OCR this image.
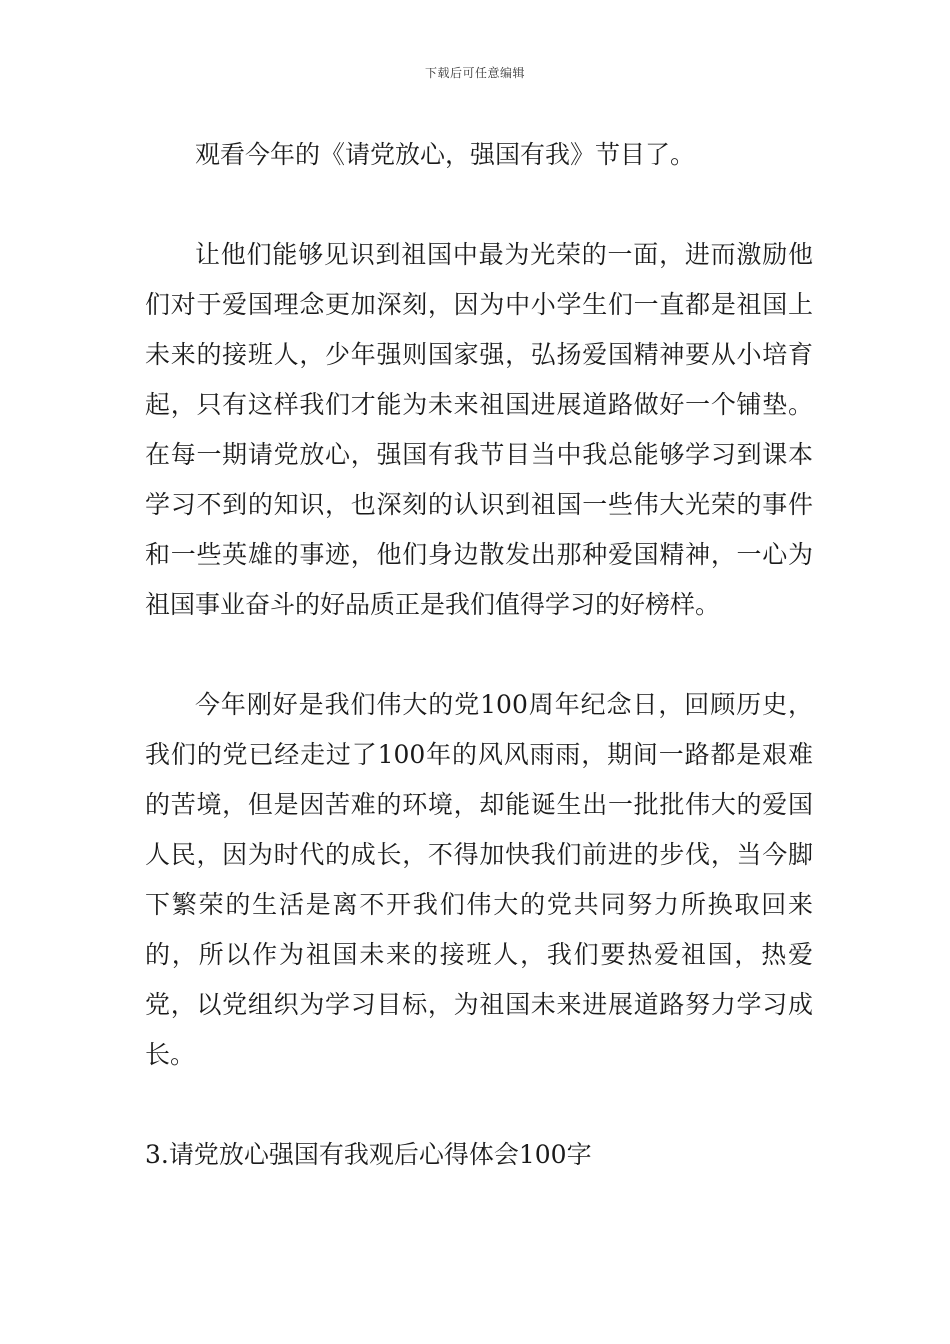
下载后可任意编辑

观看今年的《请党放心，强国有我》节目了。

让他们能够见识到祖国中最为光荣的一面，进而激励他们对于爱国理念更加深刻，因为中小学生们一直都是祖国上未来的接班人，少年强则国家强，弘扬爱国精神要从小培育起，只有这样我们才能为未来祖国进展道路做好一个铺垫。在每一期请党放心，强国有我节目当中我总能够学习到课本学习不到的知识，也深刻的认识到祖国一些伟大光荣的事件和一些英雄的事迹，他们身边散发出那种爱国精神，一心为祖国事业奋斗的好品质正是我们值得学习的好榜样。

今年刚好是我们伟大的党100周年纪念日，回顾历史，我们的党已经走过了100年的风风雨雨，期间一路都是艰难的苦境，但是因苦难的环境，却能诞生出一批批伟大的爱国人民，因为时代的成长，不得加快我们前进的步伐，当今脚下繁荣的生活是离不开我们伟大的党共同努力所换取回来的，所以作为祖国未来的接班人，我们要热爱祖国，热爱党，以党组织为学习目标，为祖国未来进展道路努力学习成长。

3.请党放心强国有我观后心得体会100字
